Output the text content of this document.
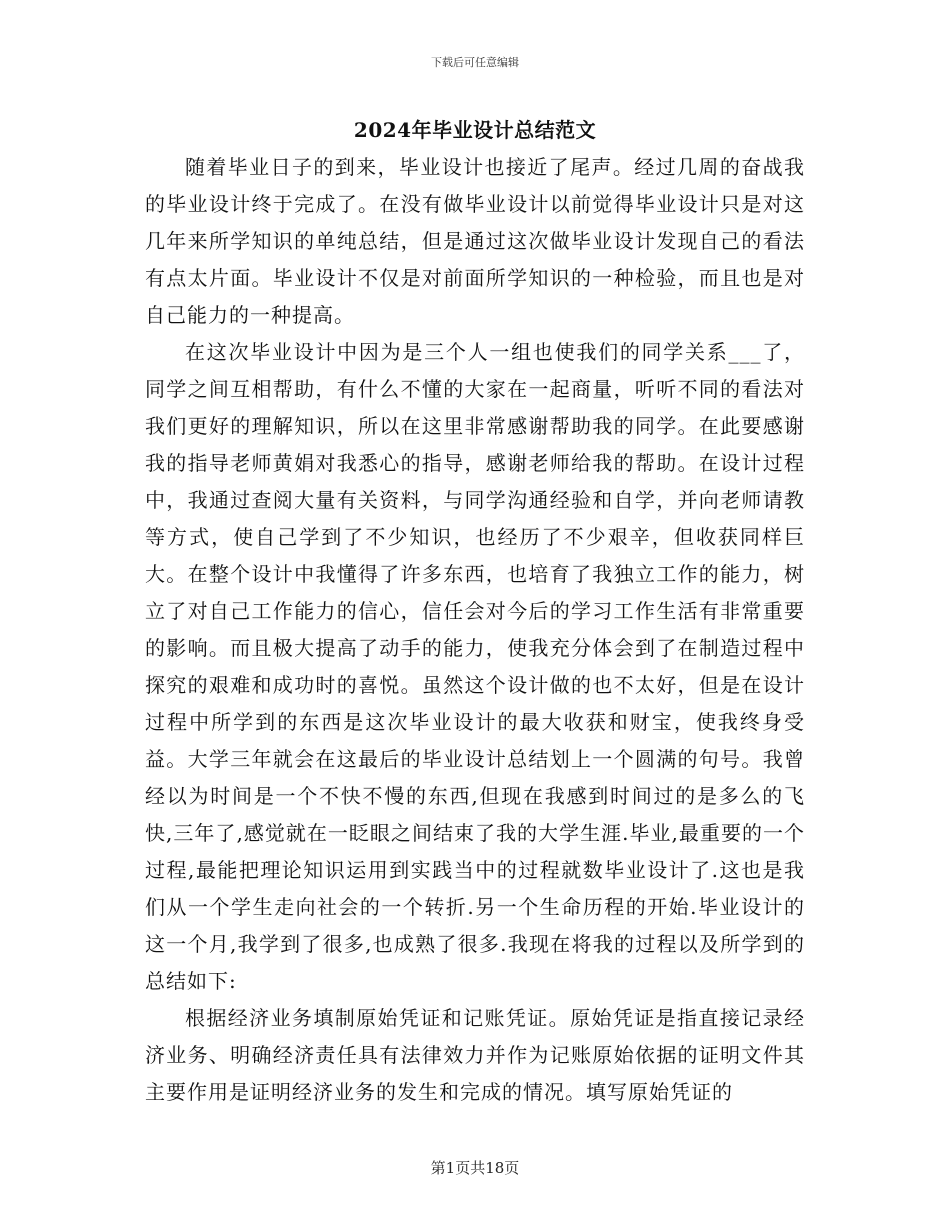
下载后可任意编辑
2024年毕业设计总结范文

随着毕业日子的到来，毕业设计也接近了尾声。经过几周的奋战我的毕业设计终于完成了。在没有做毕业设计以前觉得毕业设计只是对这几年来所学知识的单纯总结，但是通过这次做毕业设计发现自己的看法有点太片面。毕业设计不仅是对前面所学知识的一种检验，而且也是对自己能力的一种提高。

在这次毕业设计中因为是三个人一组也使我们的同学关系___了，同学之间互相帮助，有什么不懂的大家在一起商量，听听不同的看法对我们更好的理解知识，所以在这里非常感谢帮助我的同学。在此要感谢我的指导老师黄娟对我悉心的指导，感谢老师给我的帮助。在设计过程中，我通过查阅大量有关资料，与同学沟通经验和自学，并向老师请教等方式，使自己学到了不少知识，也经历了不少艰辛，但收获同样巨大。在整个设计中我懂得了许多东西，也培育了我独立工作的能力，树立了对自己工作能力的信心，信任会对今后的学习工作生活有非常重要的影响。而且极大提高了动手的能力，使我充分体会到了在制造过程中探究的艰难和成功时的喜悦。虽然这个设计做的也不太好，但是在设计过程中所学到的东西是这次毕业设计的最大收获和财宝，使我终身受益。大学三年就会在这最后的毕业设计总结划上一个圆满的句号。我曾经以为时间是一个不快不慢的东西,但现在我感到时间过的是多么的飞快,三年了,感觉就在一眨眼之间结束了我的大学生涯.毕业,最重要的一个过程,最能把理论知识运用到实践当中的过程就数毕业设计了.这也是我们从一个学生走向社会的一个转折.另一个生命历程的开始.毕业设计的这一个月,我学到了很多,也成熟了很多.我现在将我的过程以及所学到的总结如下:

根据经济业务填制原始凭证和记账凭证。原始凭证是指直接记录经济业务、明确经济责任具有法律效力并作为记账原始依据的证明文件其主要作用是证明经济业务的发生和完成的情况。填写原始凭证的

第1页共18页
